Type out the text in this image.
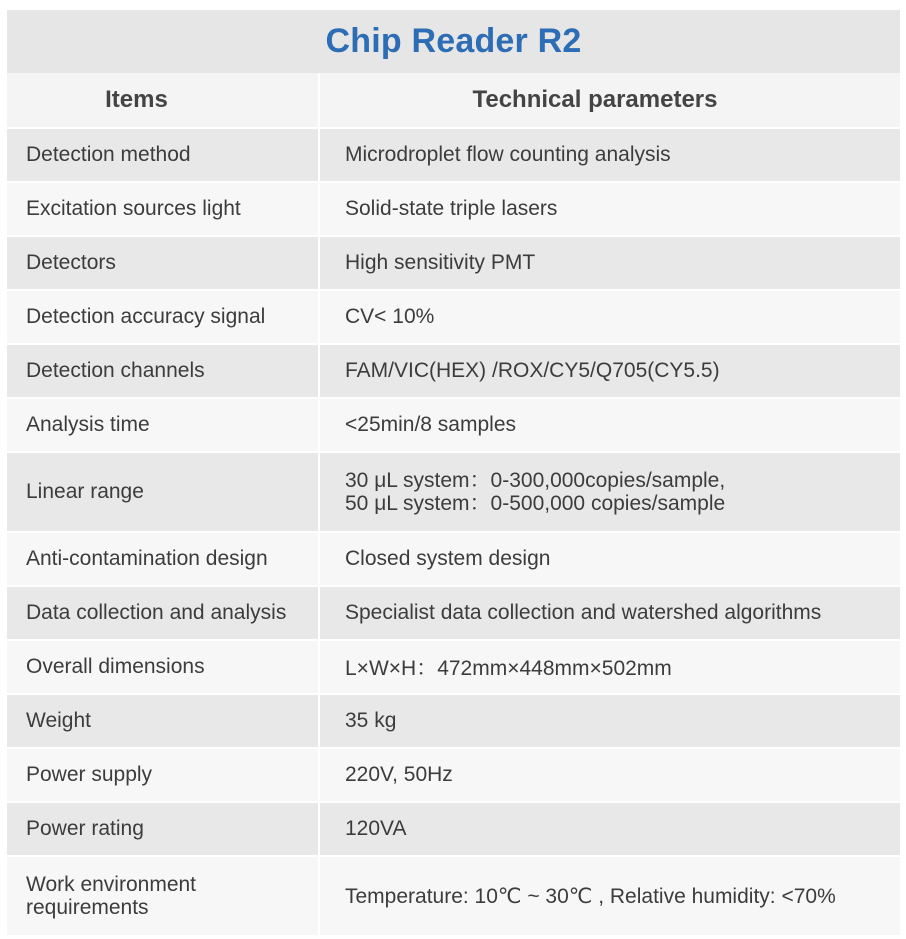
Chip Reader R2
Items	Technical parameters
Detection method	Microdroplet flow counting analysis
Excitation sources light	Solid-state triple lasers
Detectors	High sensitivity PMT
Detection accuracy signal	CV< 10%
Detection channels	FAM/VIC(HEX) /ROX/CY5/Q705(CY5.5)
Analysis time	<25min/8 samples
Linear range	30 μL system：0-300,000copies/sample,
50 μL system：0-500,000 copies/sample
Anti-contamination design	Closed system design
Data collection and analysis	Specialist data collection and watershed algorithms
Overall dimensions	L×W×H：472mm×448mm×502mm
Weight	35 kg
Power supply	220V, 50Hz
Power rating	120VA
Work environment
requirements	Temperature: 10℃ ~ 30℃ , Relative humidity: <70%
